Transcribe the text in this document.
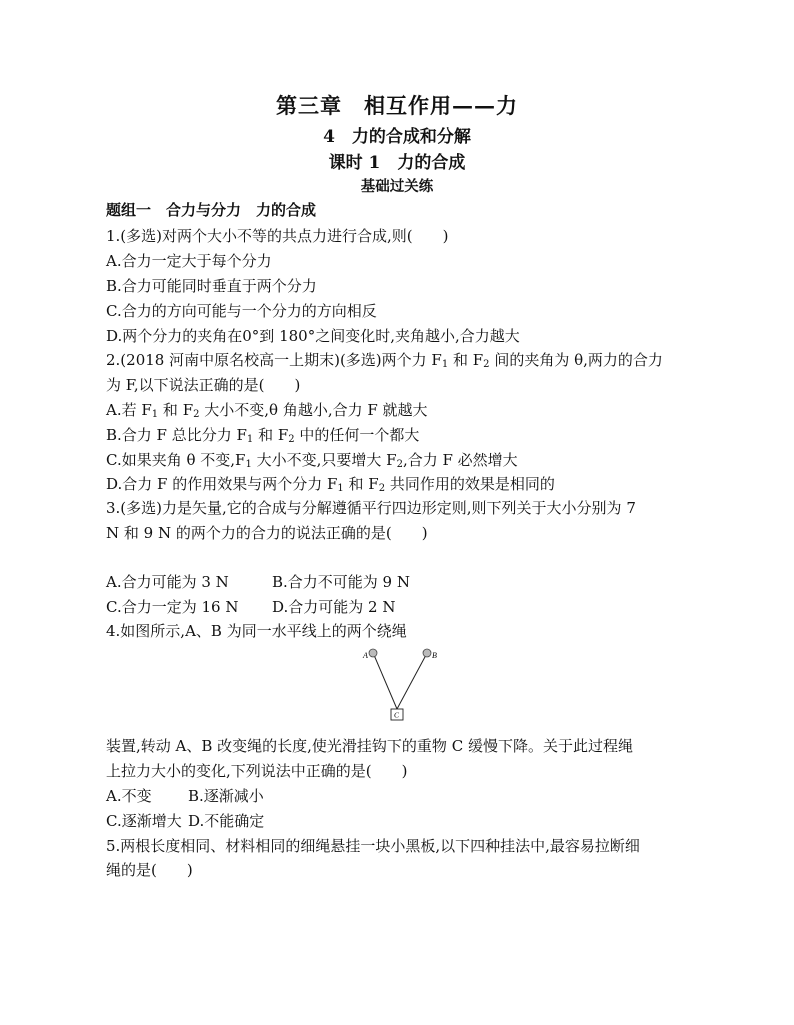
第三章　相互作用——力
4　力的合成和分解
课时 1　力的合成
基础过关练
题组一　合力与分力　力的合成
1.(多选)对两个大小不等的共点力进行合成,则(　　)
A.合力一定大于每个分力
B.合力可能同时垂直于两个分力
C.合力的方向可能与一个分力的方向相反
D.两个分力的夹角在0°到 180°之间变化时,夹角越小,合力越大
2.(2018 河南中原名校高一上期末)(多选)两个力 $F_1$ 和 $F_2$ 间的夹角为 θ,两力的合力
为 F,以下说法正确的是(　　)
A.若 $F_1$ 和 $F_2$ 大小不变,θ 角越小,合力 F 就越大
B.合力 F 总比分力 $F_1$ 和 $F_2$ 中的任何一个都大
C.如果夹角 θ 不变$,F_1$ 大小不变,只要增大 $F_2$,合力 F 必然增大
D.合力 F 的作用效果与两个分力 $F_1$ 和 $F_2$ 共同作用的效果是相同的
3.(多选)力是矢量,它的合成与分解遵循平行四边形定则,则下列关于大小分别为 7
N 和 9 N 的两个力的合力的说法正确的是(　　)
A.合力可能为 3 N	B.合力不可能为 9 N
C.合力一定为 16 N D.合力可能为 2 N
4.如图所示,A、B 为同一水平线上的两个绕绳
A	B
C
装置,转动 A、B 改变绳的长度,使光滑挂钩下的重物 C 缓慢下降。关于此过程绳
上拉力大小的变化,下列说法中正确的是(　　)
A.不变 B.逐渐减小
C.逐渐增大 D.不能确定
5.两根长度相同、材料相同的细绳悬挂一块小黑板,以下四种挂法中,最容易拉断细
绳的是(　　)
